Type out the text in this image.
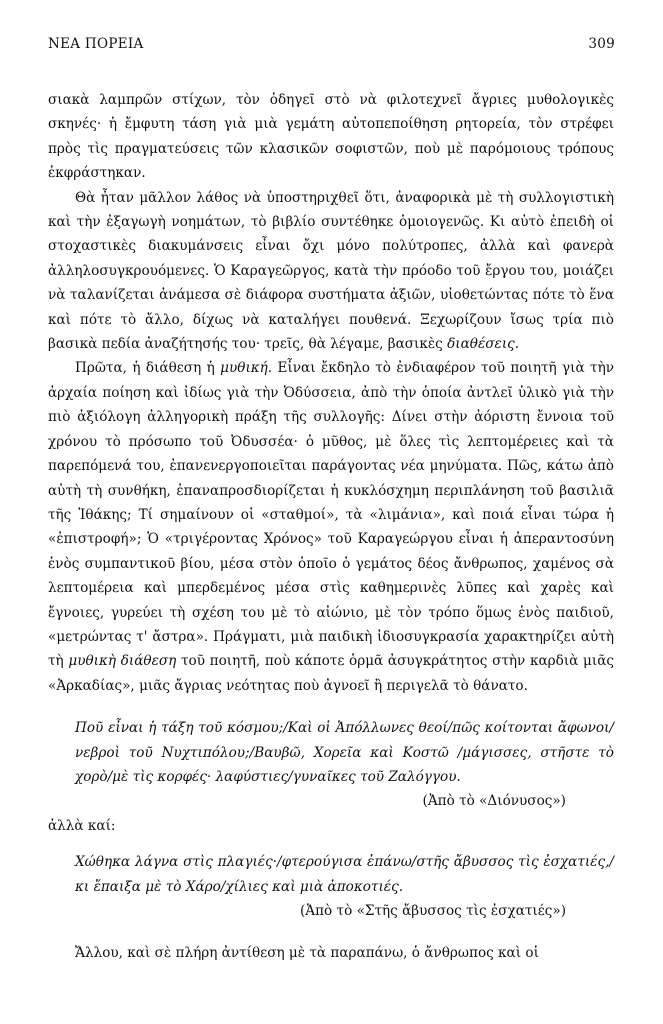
ΝΕΑ ΠΟΡΕΙΑ	309

σιακὰ λαμπρῶν στίχων, τὸν ὁδηγεῖ στὸ νὰ φιλοτεχνεῖ ἄγριες μυθολογικὲς σκηνές· ἡ ἔμφυτη τάση γιὰ μιὰ γεμάτη αὐτοπεποίθηση ρητορεία, τὸν στρέφει πρὸς τὶς πραγματεύσεις τῶν κλασικῶν σοφιστῶν, ποὺ μὲ παρόμοιους τρόπους ἐκφράστηκαν.

Θὰ ἦταν μᾶλλον λάθος νὰ ὑποστηριχθεῖ ὅτι, ἀναφορικὰ μὲ τὴ συλλογιστικὴ καὶ τὴν ἐξαγωγὴ νοημάτων, τὸ βιβλίο συντέθηκε ὁμοιογενῶς. Κι αὐτὸ ἐπειδὴ οἱ στοχαστικὲς διακυμάνσεις εἶναι ὄχι μόνο πολύτροπες, ἀλλὰ καὶ φανερὰ ἀλληλοσυγκρουόμενες. Ὁ Καραγεῶργος, κατὰ τὴν πρόοδο τοῦ ἔργου του, μοιάζει νὰ ταλανίζεται ἀνάμεσα σὲ διάφορα συστήματα ἀξιῶν, υἱοθετώντας πότε τὸ ἕνα καὶ πότε τὸ ἄλλο, δίχως νὰ καταλήγει πουθενά. Ξεχωρίζουν ἴσως τρία πιὸ βασικὰ πεδία ἀναζήτησής του· τρεῖς, θὰ λέγαμε, βασικὲς διαθέσεις.

Πρῶτα, ἡ διάθεση ἡ μυθική. Εἶναι ἔκδηλο τὸ ἐνδιαφέρον τοῦ ποιητῆ γιὰ τὴν ἀρχαία ποίηση καὶ ἰδίως γιὰ τὴν Ὀδύσσεια, ἀπὸ τὴν ὁποία ἀντλεῖ ὑλικὸ γιὰ τὴν πιὸ ἀξιόλογη ἀλληγορικὴ πράξη τῆς συλλογῆς: Δίνει στὴν ἀόριστη ἔννοια τοῦ χρόνου τὸ πρόσωπο τοῦ Ὀδυσσέα· ὁ μῦθος, μὲ ὅλες τὶς λεπτομέρειες καὶ τὰ παρεπόμενά του, ἐπανενεργοποιεῖται παράγοντας νέα μηνύματα. Πῶς, κάτω ἀπὸ αὐτὴ τὴ συνθήκη, ἐπαναπροσδιορίζεται ἡ κυκλόσχημη περιπλάνηση τοῦ βασιλιᾶ τῆς Ἰθάκης; Τί σημαίνουν οἱ «σταθμοί», τὰ «λιμάνια», καὶ ποιά εἶναι τώρα ἡ «ἐπιστροφή»; Ὁ «τριγέροντας Χρόνος» τοῦ Καραγεώργου εἶναι ἡ ἀπεραντοσύνη ἑνὸς συμπαντικοῦ βίου, μέσα στὸν ὁποῖο ὁ γεμάτος δέος ἄνθρωπος, χαμένος σὰ λεπτομέρεια καὶ μπερδεμένος μέσα στὶς καθημερινὲς λῦπες καὶ χαρὲς καὶ ἔγνοιες, γυρεύει τὴ σχέση του μὲ τὸ αἰώνιο, μὲ τὸν τρόπο ὅμως ἑνὸς παιδιοῦ, «μετρώντας τ' ἄστρα». Πράγματι, μιὰ παιδικὴ ἰδιοσυγκρασία χαρακτηρίζει αὐτὴ τὴ μυθικὴ διάθεση τοῦ ποιητῆ, ποὺ κάποτε ὁρμᾶ ἀσυγκράτητος στὴν καρδιὰ μιᾶς «Ἀρκαδίας», μιᾶς ἄγριας νεότητας ποὺ ἀγνοεῖ ἢ περιγελᾶ τὸ θάνατο.

Ποῦ εἶναι ἡ τάξη τοῦ κόσμου;/Καὶ οἱ Ἀπόλλωνες θεοί/πῶς κοίτονται ἄφωνοι/νεβροὶ τοῦ Νυχτιπόλου;/Βαυβῶ, Χορεῖα καὶ Κοστῶ /μάγισσες, στῆστε τὸ χορὸ/μὲ τὶς κορφές· λαφύστιες/γυναῖκες τοῦ Ζαλόγγου.
(Ἀπὸ τὸ «Διόνυσος»)

ἀλλὰ καί:

Χώθηκα λάγνα στὶς πλαγιές·/φτερούγισα ἐπάνω/στῆς ἄβυσσος τὶς ἐσχατιές,/κι ἔπαιξα μὲ τὸ Χάρο/χίλιες καὶ μιὰ ἀποκοτιές.
(Ἀπὸ τὸ «Στῆς ἄβυσσος τὶς ἐσχατιές»)

Ἄλλου, καὶ σὲ πλήρη ἀντίθεση μὲ τὰ παραπάνω, ὁ ἄνθρωπος καὶ οἱ
